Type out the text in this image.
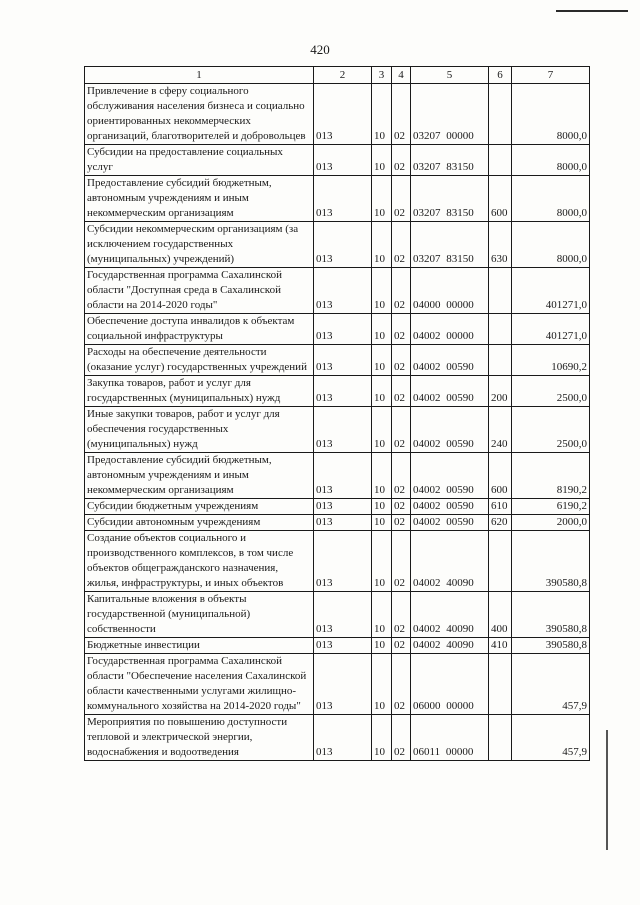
420
1	2	3	4	5	6	7
Привлечение в сферу социального обслуживания населения бизнеса и социально ориентированных некоммерческих организаций, благотворителей и добровольцев	013	10	02	03207 00000		8000,0
Субсидии на предоставление социальных услуг	013	10	02	03207 83150		8000,0
Предоставление субсидий бюджетным, автономным учреждениям и иным некоммерческим организациям	013	10	02	03207 83150	600	8000,0
Субсидии некоммерческим организациям (за исключением государственных (муниципальных) учреждений)	013	10	02	03207 83150	630	8000,0
Государственная программа Сахалинской области "Доступная среда в Сахалинской области на 2014-2020 годы"	013	10	02	04000 00000		401271,0
Обеспечение доступа инвалидов к объектам социальной инфраструктуры	013	10	02	04002 00000		401271,0
Расходы на обеспечение деятельности (оказание услуг) государственных учреждений	013	10	02	04002 00590		10690,2
Закупка товаров, работ и услуг для государственных (муниципальных) нужд	013	10	02	04002 00590	200	2500,0
Иные закупки товаров, работ и услуг для обеспечения государственных (муниципальных) нужд	013	10	02	04002 00590	240	2500,0
Предоставление субсидий бюджетным, автономным учреждениям и иным некоммерческим организациям	013	10	02	04002 00590	600	8190,2
Субсидии бюджетным учреждениям	013	10	02	04002 00590	610	6190,2
Субсидии автономным учреждениям	013	10	02	04002 00590	620	2000,0
Создание объектов социального и производственного комплексов, в том числе объектов общегражданского назначения, жилья, инфраструктуры, и иных объектов	013	10	02	04002 40090		390580,8
Капитальные вложения в объекты государственной (муниципальной) собственности	013	10	02	04002 40090	400	390580,8
Бюджетные инвестиции	013	10	02	04002 40090	410	390580,8
Государственная программа Сахалинской области "Обеспечение населения Сахалинской области качественными услугами жилищно-коммунального хозяйства на 2014-2020 годы"	013	10	02	06000 00000		457,9
Мероприятия по повышению доступности тепловой и электрической энергии, водоснабжения и водоотведения	013	10	02	06011 00000		457,9
